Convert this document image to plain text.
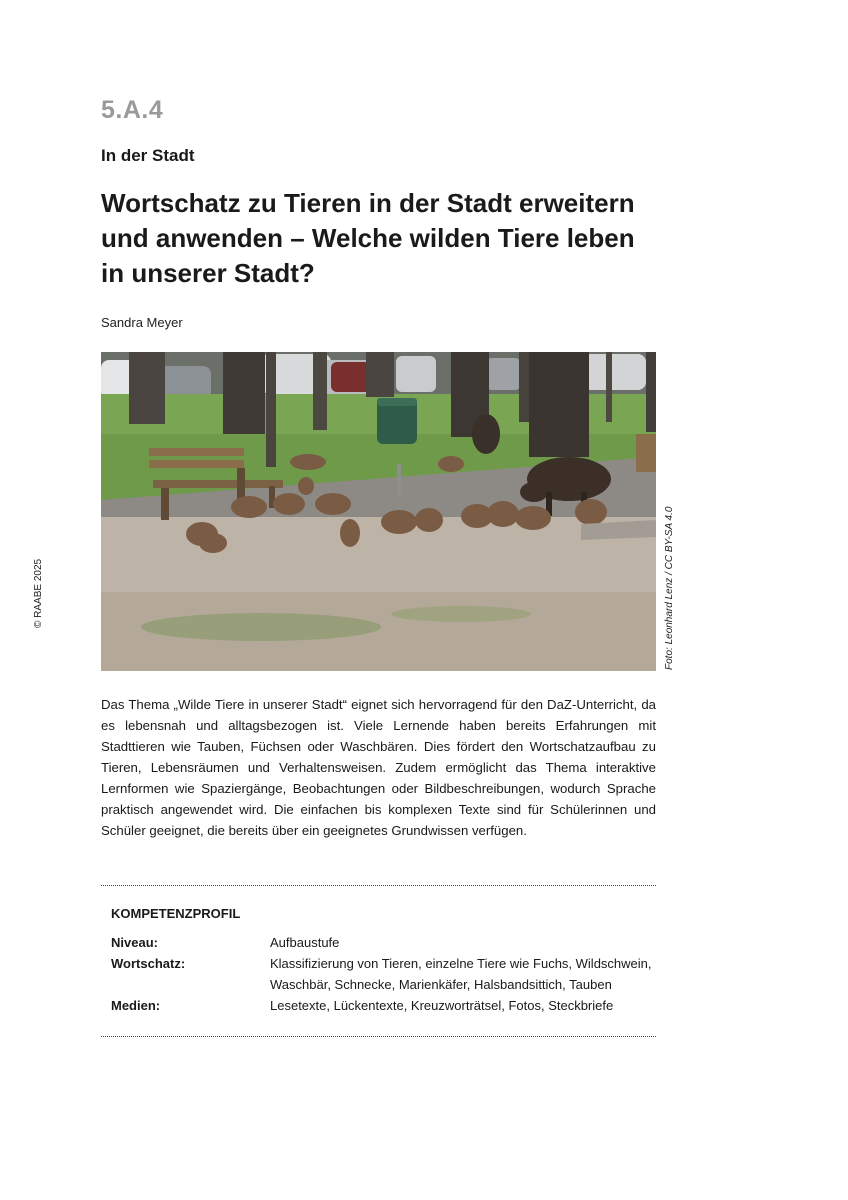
5.A.4
In der Stadt
Wortschatz zu Tieren in der Stadt erweitern und anwenden – Welche wilden Tiere leben in unserer Stadt?
Sandra Meyer
© RAABE 2025	Foto: Leonhard Lenz / CC BY-SA 4.0
Das Thema „Wilde Tiere in unserer Stadt“ eignet sich hervorragend für den DaZ-Unterricht, da es lebensnah und alltagsbezogen ist. Viele Lernende haben bereits Erfahrungen mit Stadttieren wie Tauben, Füchsen oder Waschbären. Dies fördert den Wortschatzaufbau zu Tieren, Lebensräumen und Verhaltensweisen. Zudem ermöglicht das Thema interaktive Lernformen wie Spaziergänge, Beobachtungen oder Bildbeschreibungen, wodurch Sprache praktisch angewendet wird. Die einfachen bis komplexen Texte sind für Schülerinnen und Schüler geeignet, die bereits über ein geeignetes Grundwissen verfügen.
KOMPETENZPROFIL
Niveau:	Aufbaustufe
Wortschatz:	Klassifizierung von Tieren, einzelne Tiere wie Fuchs, Wildschwein, Waschbär, Schnecke, Marienkäfer, Halsbandsittich, Tauben
Medien:	Lesetexte, Lückentexte, Kreuzworträtsel, Fotos, Steckbriefe
